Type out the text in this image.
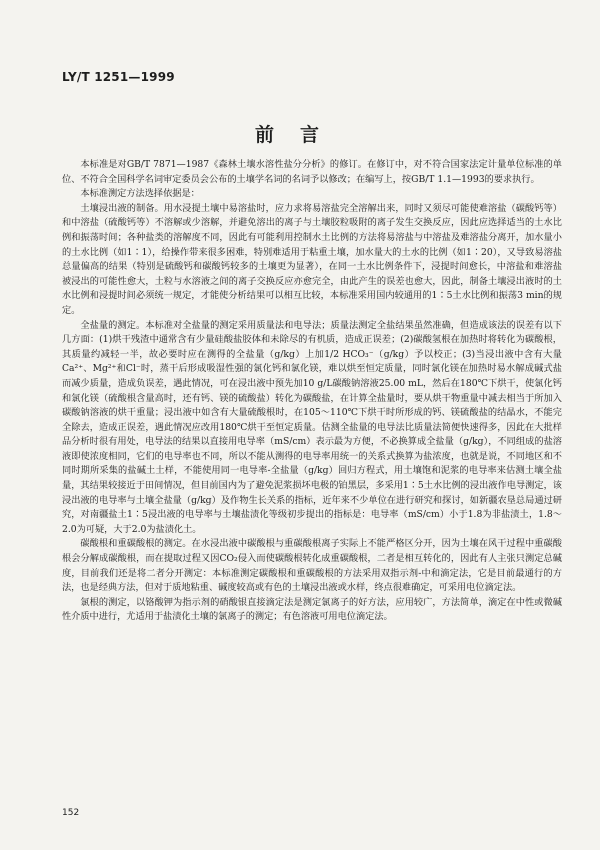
LY/T 1251—1999
前言

本标准是对GB/T 7871—1987《森林土壤水溶性盐分分析》的修订。在修订中，对不符合国家法定计量单位标准的单位、不符合全国科学名词审定委员会公布的土壤学名词的名词予以修改；在编写上，按GB/T 1.1—1993的要求执行。

本标准测定方法选择依据是：

土壤浸出液的制备。用水浸提土壤中易溶盐时，应力求将易溶盐完全溶解出来，同时又须尽可能使难溶盐（碳酸钙等）和中溶盐（硫酸钙等）不溶解或少溶解，并避免溶出的离子与土壤胶粒吸附的离子发生交换反应，因此应选择适当的土水比例和振荡时间；各种盐类的溶解度不同，因此有可能利用控制水土比例的方法将易溶盐与中溶盐及难溶盐分离开，加水量小的土水比例（如1∶1），给操作带来很多困难，特别难适用于粘重土壤，加水量大的土水的比例（如1∶20），又导致易溶盐总量偏高的结果（特别是硫酸钙和碳酸钙较多的土壤更为显著），在同一土水比例条件下，浸提时间愈长，中溶盐和难溶盐被浸出的可能性愈大，土粒与水溶液之间的离子交换反应亦愈完全，由此产生的误差也愈大，因此，制备土壤浸出液时的土水比例和浸提时间必须统一规定，才能使分析结果可以相互比较，本标准采用国内较通用的1∶5土水比例和振荡3 min的规定。

全盐量的测定。本标准对全盐量的测定采用质量法和电导法；质量法测定全盐结果虽然准确，但造成该法的误差有以下几方面：(1)烘干残渣中通常含有少量硅酸盐胶体和未除尽的有机质，造成正误差；(2)碳酸氢根在加热时将转化为碳酸根，其质量约减轻一半，故必要时应在测得的全盐量（g/kg）上加1/2 HCO₃⁻（g/kg）予以校正；(3)当浸出液中含有大量Ca²⁺、Mg²⁺和Cl⁻时，蒸干后形成吸湿性强的氯化钙和氯化镁，难以烘至恒定质量，同时氯化镁在加热时易水解成碱式盐而减少质量，造成负误差，遇此情况，可在浸出液中预先加10 g/L碳酸钠溶液25.00 mL，然后在180℃下烘干，使氯化钙和氯化镁（硫酸根含量高时，还有钙、镁的硫酸盐）转化为碳酸盐，在计算全盐量时，要从烘干物重量中减去相当于所加入碳酸钠溶液的烘干重量；浸出液中如含有大量硫酸根时，在105～110℃下烘干时所形成的钙、镁硫酸盐的结晶水，不能完全除去，造成正误差，遇此情况应改用180℃烘干至恒定质量。估测全盐量的电导法比质量法简便快速得多，因此在大批样品分析时很有用处，电导法的结果以直接用电导率（mS/cm）表示最为方便，不必换算成全盐量（g/kg），不同组成的盐溶液即使浓度相同，它们的电导率也不同，所以不能从测得的电导率用统一的关系式换算为盐浓度，也就是说，不同地区和不同时期所采集的盐碱土土样，不能使用同一电导率-全盐量（g/kg）回归方程式，用土壤饱和泥浆的电导率来估测土壤全盐量，其结果较接近于田间情况，但目前国内为了避免泥浆损坏电极的铂黑层，多采用1∶5土水比例的浸出液作电导测定，该浸出液的电导率与土壤全盐量（g/kg）及作物生长关系的指标，近年来不少单位在进行研究和探讨，如新疆农垦总局通过研究，对南疆盐土1∶5浸出液的电导率与土壤盐渍化等级初步提出的指标是：电导率（mS/cm）小于1.8为非盐渍土，1.8～2.0为可疑，大于2.0为盐渍化土。

碳酸根和重碳酸根的测定。在水浸出液中碳酸根与重碳酸根离子实际上不能严格区分开，因为土壤在风干过程中重碳酸根会分解成碳酸根，而在提取过程又因CO₂侵入而使碳酸根转化成重碳酸根，二者是相互转化的，因此有人主张只测定总碱度，目前我们还是将二者分开测定：本标准测定碳酸根和重碳酸根的方法采用双指示剂-中和滴定法，它是目前最通行的方法，也是经典方法，但对于质地粘重、碱度较高或有色的土壤浸出液或水样，终点很难确定，可采用电位滴定法。

氯根的测定，以铬酸钾为指示剂的硝酸银直接滴定法是测定氯离子的好方法，应用较广，方法简单，滴定在中性或微碱性介质中进行，尤适用于盐渍化土壤的氯离子的测定；有色溶液可用电位滴定法。

152
